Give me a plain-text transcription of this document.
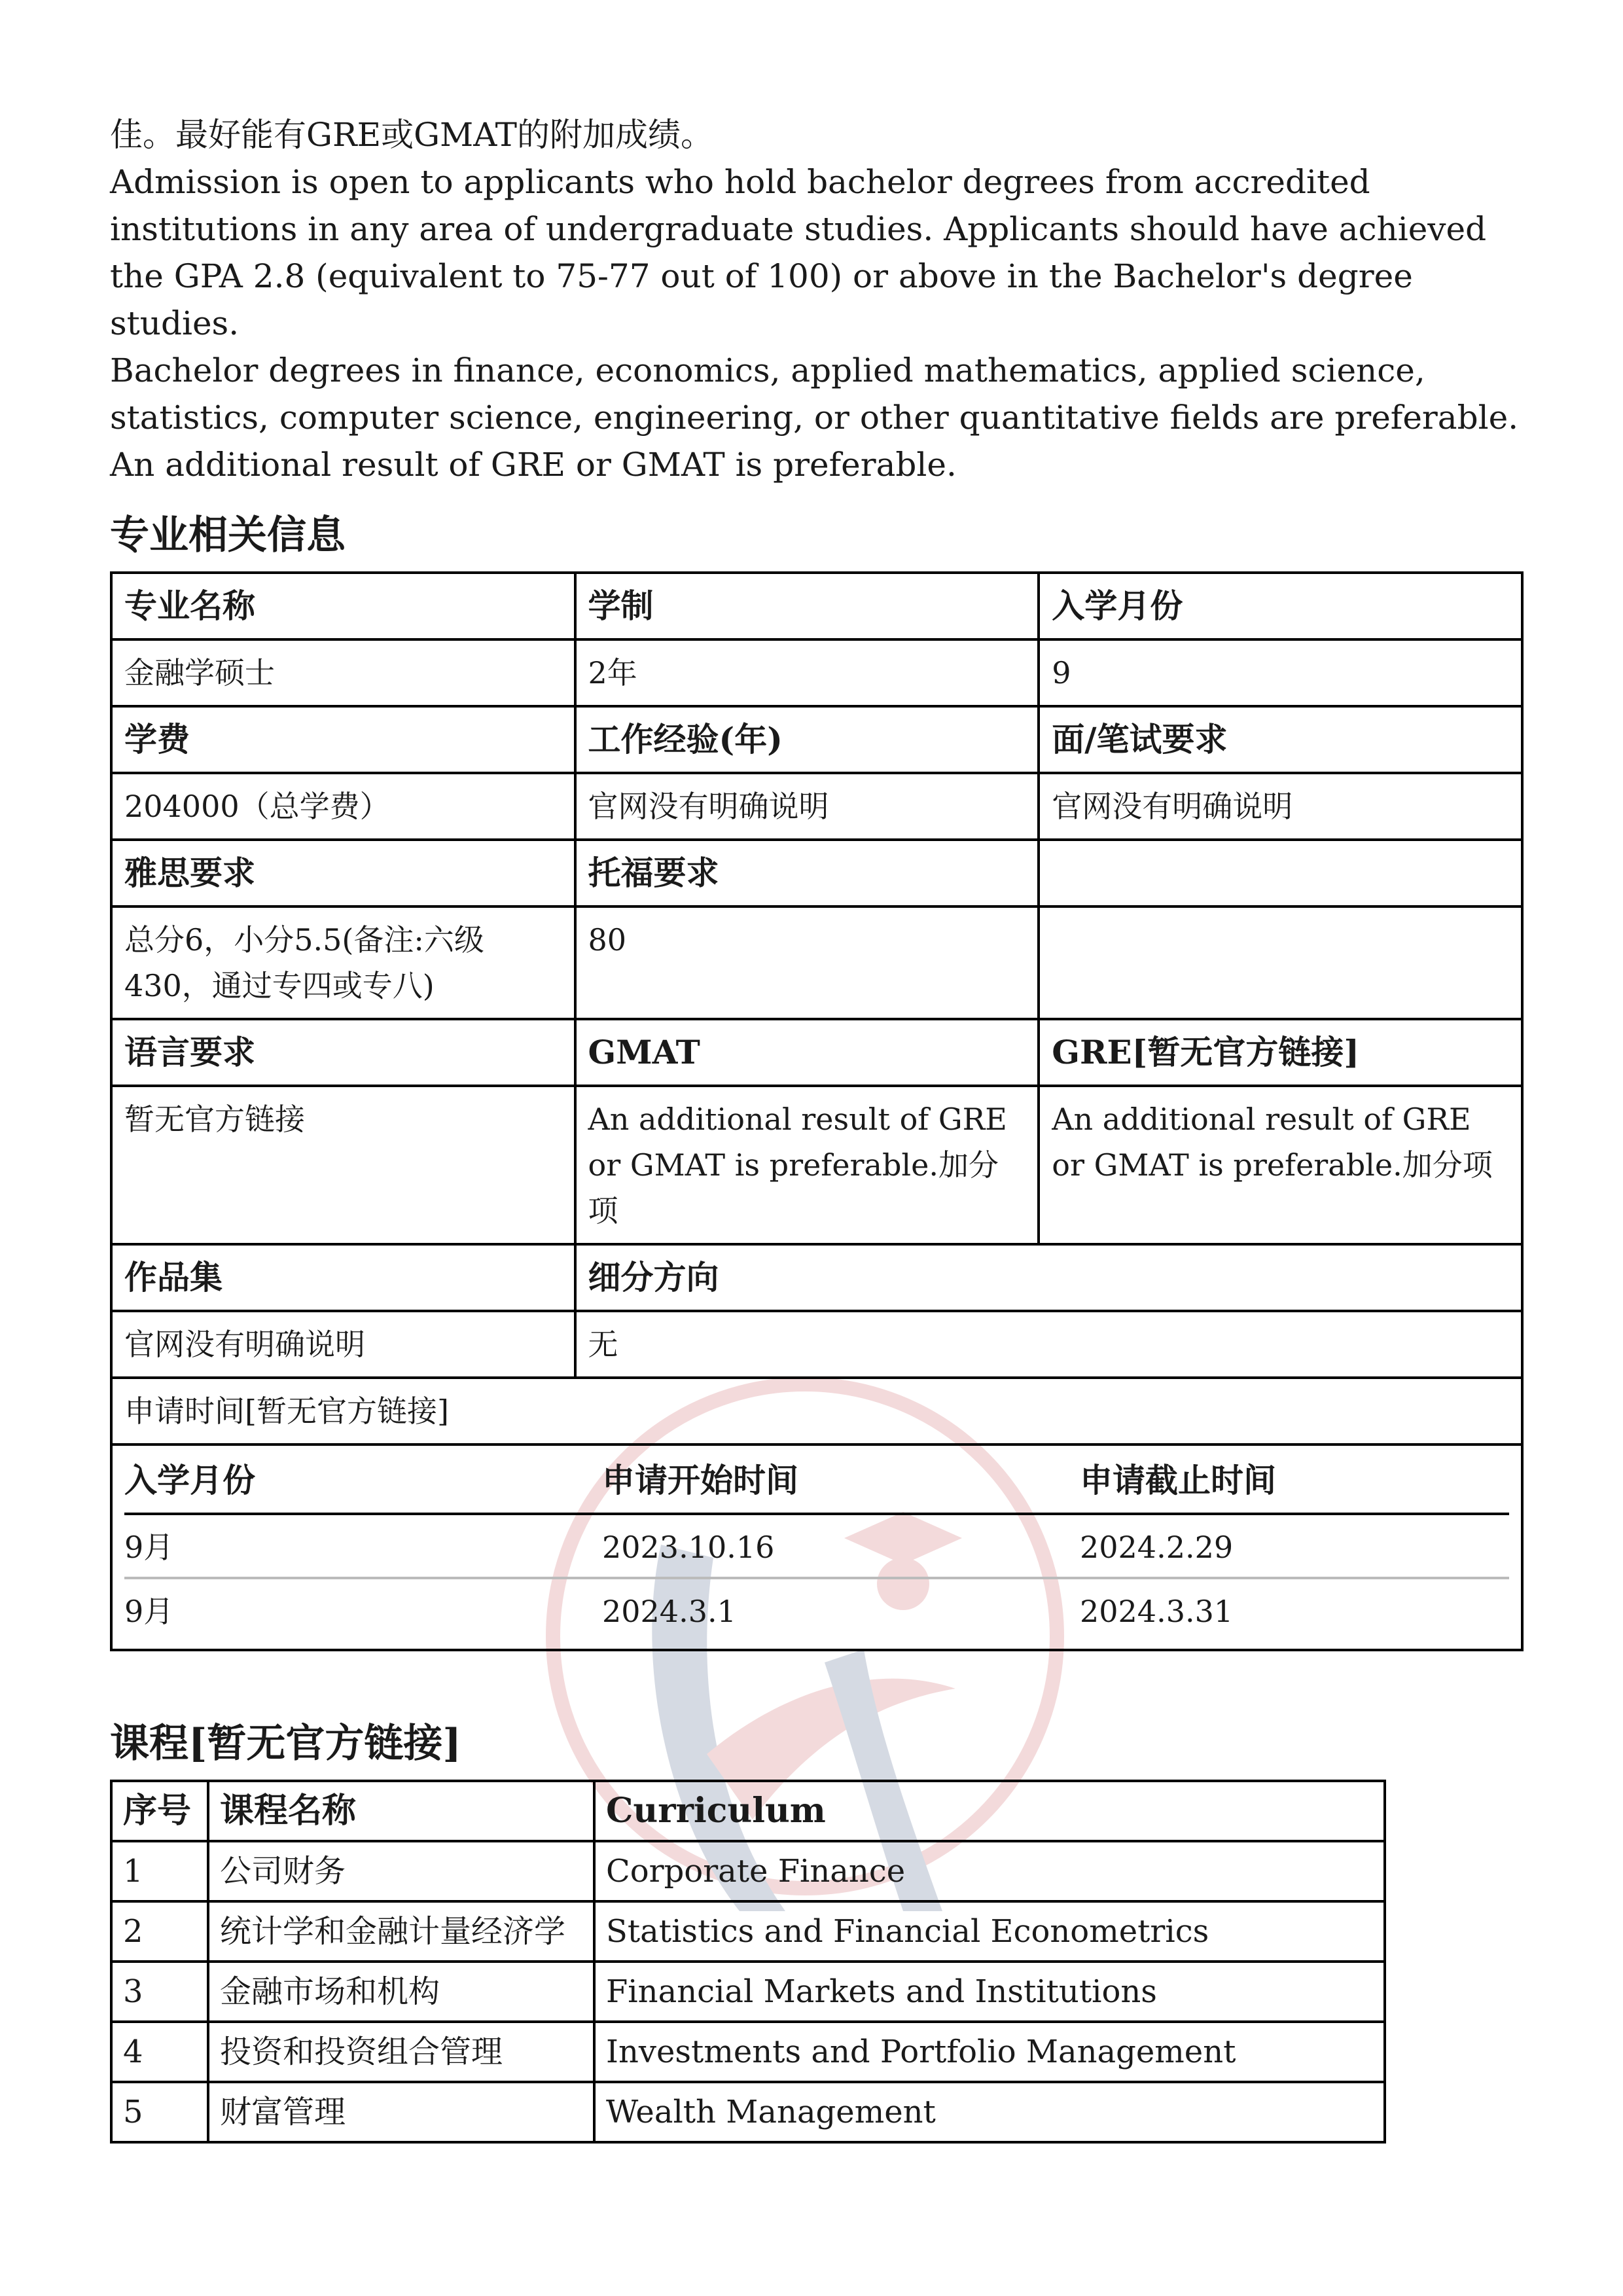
佳。最好能有GRE或GMAT的附加成绩。

Admission is open to applicants who hold bachelor degrees from accredited institutions in any area of undergraduate studies. Applicants should have achieved the GPA 2.8 (equivalent to 75-77 out of 100) or above in the Bachelor's degree studies.

Bachelor degrees in finance, economics, applied mathematics, applied science, statistics, computer science, engineering, or other quantitative fields are preferable. An additional result of GRE or GMAT is preferable.

专业相关信息
专业名称	学制	入学月份
金融学硕士	2年	9
学费	工作经验(年)	面/笔试要求
204000（总学费）	官网没有明确说明	官网没有明确说明
雅思要求	托福要求	
总分6，小分5.5(备注:六级430，通过专四或专八)	80	
语言要求	GMAT	GRE[暂无官方链接]
暂无官方链接	An additional result of GRE or GMAT is preferable.加分项	An additional result of GRE or GMAT is preferable.加分项
作品集	细分方向
官网没有明确说明	无
申请时间[暂无官方链接]

入学月份	申请开始时间	申请截止时间
9月	2023.10.16	2024.2.29
9月	2024.3.1	2024.3.31
课程[暂无官方链接]
序号	课程名称	Curriculum
1	公司财务	Corporate Finance
2	统计学和金融计量经济学	Statistics and Financial Econometrics
3	金融市场和机构	Financial Markets and Institutions
4	投资和投资组合管理	Investments and Portfolio Management
5	财富管理	Wealth Management
